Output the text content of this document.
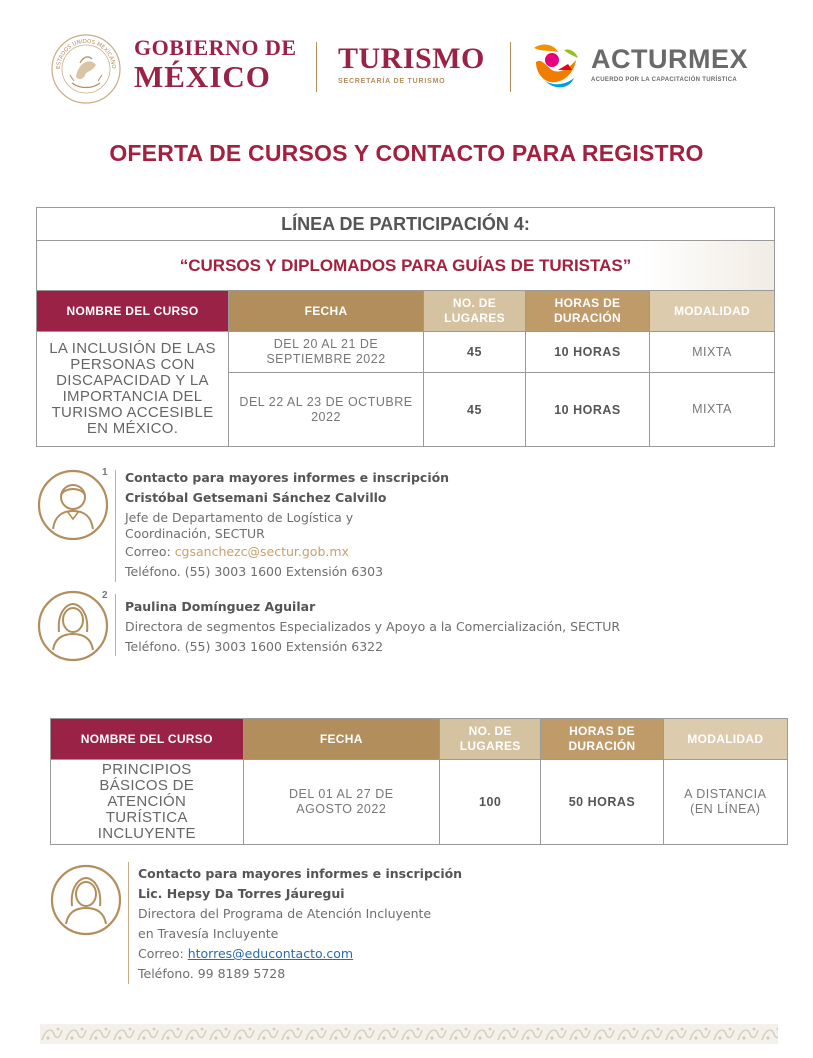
ESTADOS UNIDOS MEXICANO
GOBIERNO DE
MÉXICO
TURISMO
SECRETARÍA DE TURISMO
ACTURMEX
ACUERDO POR LA CAPACITACIÓN TURÍSTICA
OFERTA DE CURSOS Y CONTACTO PARA REGISTRO
LÍNEA DE PARTICIPACIÓN 4:				
“CURSOS Y DIPLOMADOS PARA GUÍAS DE TURISTAS”				
NOMBRE DEL CURSO	FECHA	NO. DE LUGARES	HORAS DE DURACIÓN	MODALIDAD
LA INCLUSIÓN DE LAS PERSONAS CON DISCAPACIDAD Y LA IMPORTANCIA DEL TURISMO ACCESIBLE EN MÉXICO.	DEL 20 AL 21 DE SEPTIEMBRE 2022	45	10 HORAS	MIXTA
	DEL 22 AL 23 DE OCTUBRE 2022	45	10 HORAS	MIXTA
1 Contacto para mayores informes e inscripción
Cristóbal Getsemani Sánchez Calvillo
Jefe de Departamento de Logística y
Coordinación, SECTUR
Correo: cgsanchezc@sectur.gob.mx
Teléfono. (55) 3003 1600 Extensión 6303
2
Paulina Domínguez Aguilar
Directora de segmentos Especializados y Apoyo a la Comercialización, SECTUR
Teléfono. (55) 3003 1600 Extensión 6322
NOMBRE DEL CURSO	FECHA	NO. DE LUGARES	HORAS DE DURACIÓN	MODALIDAD
PRINCIPIOS BÁSICOS DE ATENCIÓN TURÍSTICA INCLUYENTE	DEL 01 AL 27 DE AGOSTO 2022	100	50 HORAS	A DISTANCIA (EN LÍNEA)
Contacto para mayores informes e inscripción
Lic. Hepsy Da Torres Jáuregui
Directora del Programa de Atención Incluyente
en Travesía Incluyente
Correo: htorres@educontacto.com
Teléfono. 99 8189 5728
